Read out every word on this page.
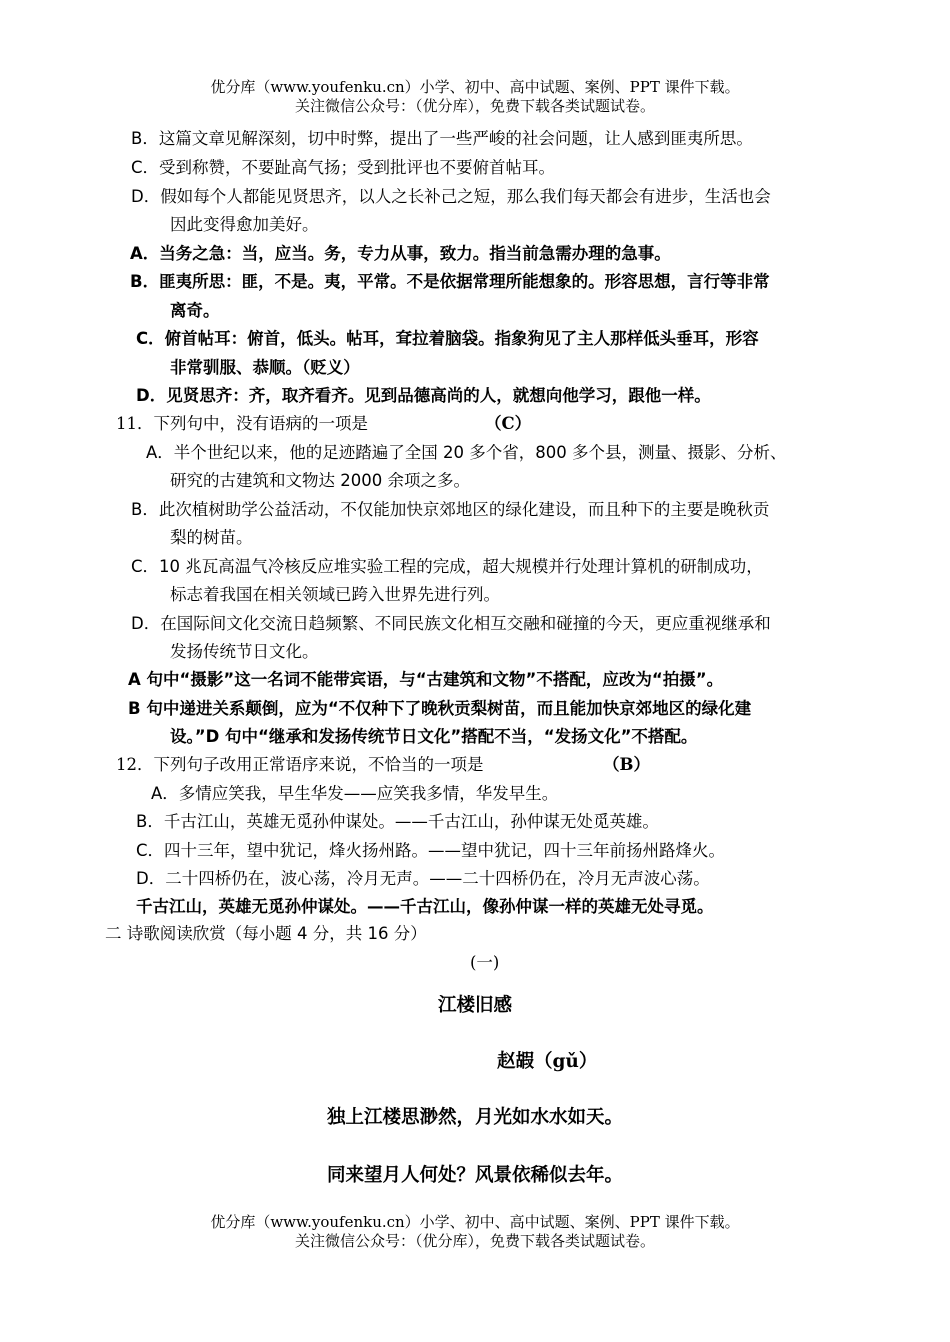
优分库（www.youfenku.cn）小学、初中、高中试题、案例、PPT 课件下载。
关注微信公众号：（优分库），免费下载各类试题试卷。
B．这篇文章见解深刻，切中时弊，提出了一些严峻的社会问题，让人感到匪夷所思。
C．受到称赞，不要趾高气扬；受到批评也不要俯首帖耳。
D．假如每个人都能见贤思齐，以人之长补己之短，那么我们每天都会有进步，生活也会
因此变得愈加美好。
A．当务之急：当，应当。务，专力从事，致力。指当前急需办理的急事。
B．匪夷所思：匪，不是。夷，平常。不是依据常理所能想象的。形容思想，言行等非常
离奇。
C．俯首帖耳：俯首，低头。帖耳，耷拉着脑袋。指象狗见了主人那样低头垂耳，形容
非常驯服、恭顺。（贬义）
D．见贤思齐：齐，取齐看齐。见到品德高尚的人，就想向他学习，跟他一样。
11．下列句中，没有语病的一项是	（C）
A．半个世纪以来，他的足迹踏遍了全国 20 多个省，800 多个县，测量、摄影、分析、
研究的古建筑和文物达 2000 余项之多。
B．此次植树助学公益活动，不仅能加快京郊地区的绿化建设，而且种下的主要是晚秋贡
梨的树苗。
C．10 兆瓦高温气冷核反应堆实验工程的完成，超大规模并行处理计算机的研制成功，
标志着我国在相关领域已跨入世界先进行列。
D．在国际间文化交流日趋频繁、不同民族文化相互交融和碰撞的今天，更应重视继承和
发扬传统节日文化。
A 句中“摄影”这一名词不能带宾语，与“古建筑和文物”不搭配，应改为“拍摄”。
B 句中递进关系颠倒，应为“不仅种下了晚秋贡梨树苗，而且能加快京郊地区的绿化建
设。”D 句中“继承和发扬传统节日文化”搭配不当，“发扬文化”不搭配。
12．下列句子改用正常语序来说，不恰当的一项是	（B）
A．多情应笑我，早生华发——应笑我多情，华发早生。
B．千古江山，英雄无觅孙仲谋处。——千古江山，孙仲谋无处觅英雄。
C．四十三年，望中犹记，烽火扬州路。——望中犹记，四十三年前扬州路烽火。
D．二十四桥仍在，波心荡，冷月无声。——二十四桥仍在，冷月无声波心荡。
千古江山，英雄无觅孙仲谋处。——千古江山，像孙仲谋一样的英雄无处寻觅。
二 诗歌阅读欣赏（每小题 4 分，共 16 分）
(一)
江楼旧感
赵嘏（gǔ）
独上江楼思渺然，月光如水水如天。
同来望月人何处？风景依稀似去年。
优分库（www.youfenku.cn）小学、初中、高中试题、案例、PPT 课件下载。
关注微信公众号：（优分库），免费下载各类试题试卷。
